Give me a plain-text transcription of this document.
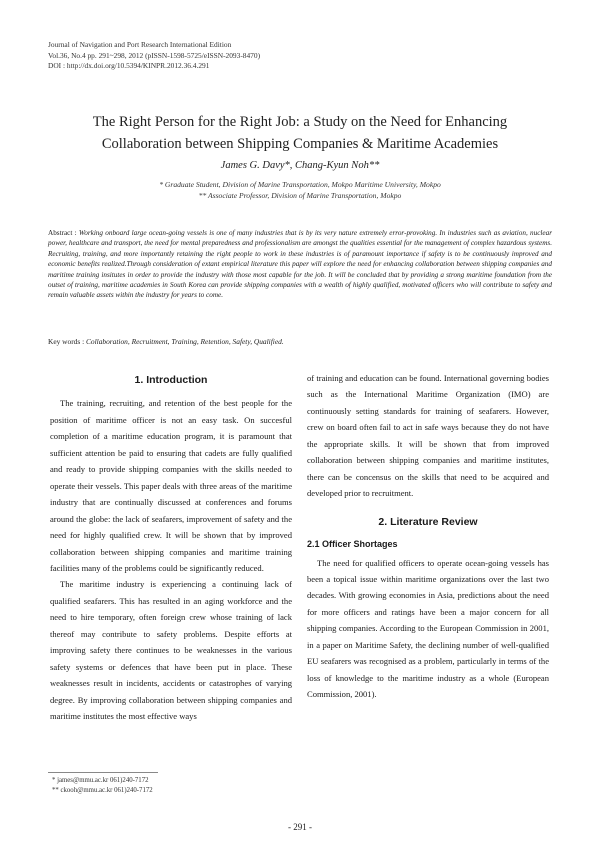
Journal of Navigation and Port Research International Edition
Vol.36, No.4 pp. 291~298, 2012 (pISSN-1598-5725/eISSN-2093-8470)
DOI : http://dx.doi.org/10.5394/KINPR.2012.36.4.291
The Right Person for the Right Job: a Study on the Need for Enhancing
Collaboration between Shipping Companies & Maritime Academies
James G. Davy*, Chang-Kyun Noh**
* Graduate Student, Division of Marine Transportation, Mokpo Maritime University, Mokpo
** Associate Professor, Division of Marine Transportation, Mokpo
Abstract : Working onboard large ocean-going vessels is one of many industries that is by its very nature extremely error-provoking. In industries such as aviation, nuclear power, healthcare and transport, the need for mental preparedness and professionalism are amongst the qualities essential for the management of complex hazardous systems. Recruiting, training, and more importantly retaining the right people to work in these industries is of paramount importance if safety is to be continuously improved and economic benefits realized.Through consideration of extant empirical literature this paper will explore the need for enhancing collaboration between shipping companies and maritime training insitutes in order to provide the industry with those most capable for the job. It will be concluded that by providing a strong maritime foundation from the outset of training, maritime academies in South Korea can provide shipping companies with a wealth of highly qualified, motivated officers who will contribute to safety and remain valuable assets within the industry for years to come.
Key words : Collaboration, Recruitment, Training, Retention, Safety, Qualified.
1. Introduction

The training, recruiting, and retention of the best people for the position of maritime officer is not an easy task. On succesful completion of a maritime education program, it is paramount that sufficient attention be paid to ensuring that cadets are fully qualified and ready to provide shipping companies with the skills needed to operate their vessels. This paper deals with three areas of the maritime industry that are continually discussed at conferences and forums around the globe: the lack of seafarers, improvement of safety and the need for highly qualified crew. It will be shown that by improved collaboration between shipping companies and maritime training facilities many of the problems could be significantly reduced.

The maritime industry is experiencing a continuing lack of qualified seafarers. This has resulted in an aging workforce and the need to hire temporary, often foreign crew whose training of lack thereof may contribute to safety problems. Despite efforts at improving safety there continues to be weaknesses in the various safety systems or defences that have been put in place. These weaknesses result in incidents, accidents or catastrophes of varying degree. By improving collaboration between shipping companies and maritime institutes the most effective ways

of training and education can be found. International governing bodies such as the International Maritime Organization (IMO) are continuously setting standards for training of seafarers. However, crew on board often fail to act in safe ways because they do not have the appropriate skills. It will be shown that from improved collaboration between shipping companies and maritime institutes, there can be concensus on the skills that need to be acquired and developed prior to recruitment.

2. Literature Review
2.1 Officer Shortages

The need for qualified officers to operate ocean-going vessels has been a topical issue within maritime organizations over the last two decades. With growing economies in Asia, predictions about the need for more officers and ratings have been a major concern for all shipping companies. According to the European Commission in 2001, in a paper on Maritime Safety, the declining number of well-qualified EU seafarers was recognised as a problem, particularly in terms of the loss of knowledge to the maritime industry as a whole (European Commission, 2001).

* james@mmu.ac.kr 061)240-7172
** ckooh@mmu.ac.kr 061)240-7172
- 291 -
